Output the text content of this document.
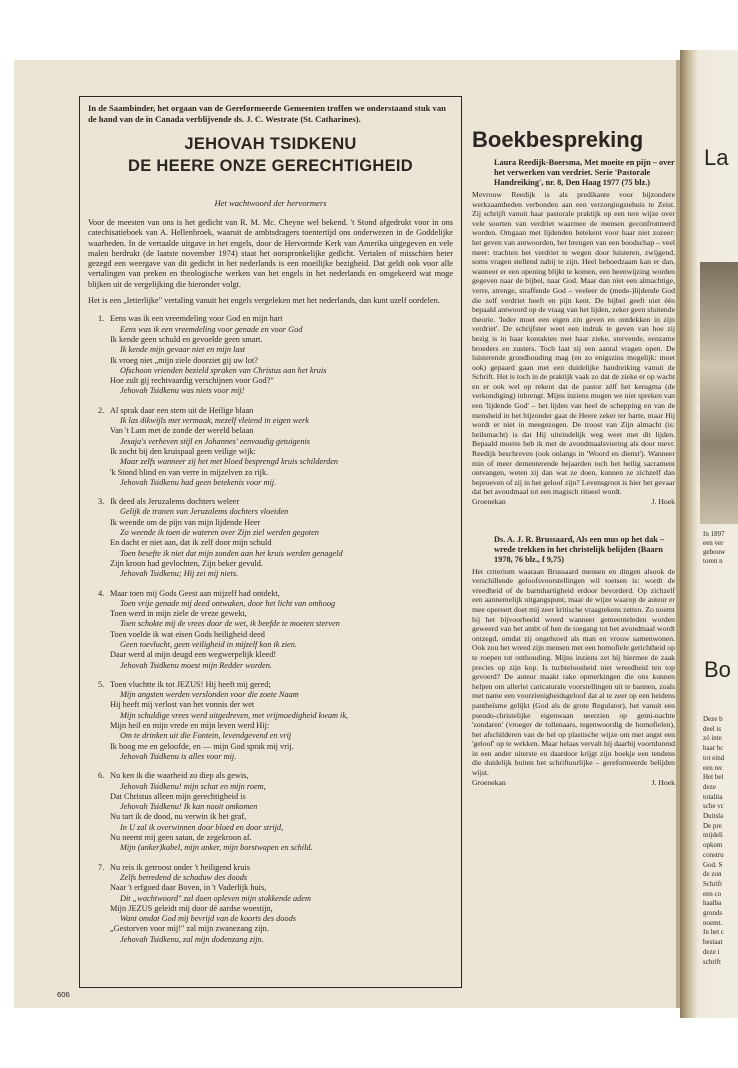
In de Saambinder, het orgaan van de Gereformeerde Gemeenten troffen we onderstaand stuk van de hand van de in Canada verblijvende ds. J. C. Westrate (St. Catharines).

JEHOVAH TSIDKENU
DE HEERE ONZE GERECHTIGHEID
Het wachtwoord der hervormers

Voor de meesten van ons is het gedicht van R. M. Mc. Cheyne wel bekend. 't Stond afgedrukt voor in ons catechisatieboek van A. Hellenbroek, waaruit de ambtsdragers toentertijd ons onderwezen in de Goddelijke waarheden. In de vertaalde uitgave in het engels, door de Hervormde Kerk van Amerika uitgegeven en vele malen herdrukt (de laatste november 1974) staat het oorspronkelijke gedicht. Vertalen of misschien beter gezegd een weergave van dit gedicht in het nederlands is een moeilijke bezigheid. Dat geldt ook voor alle vertalingen van preken en theologische werken van het engels in het nederlands en omgekeerd wat moge blijken uit de vergelijking die hieronder volgt.

Het is een „letterlijke" vertaling vanuit het engels vergeleken met het nederlands, dan kunt uzelf oordelen.

1. Eens was ik een vreemdeling voor God en mijn hart
Eens was ik een vreemdeling voor genade en voor God
Ik kende geen schuld en gevoelde geen smart.
Ik kende mijn gevaar niet en mijn last
Ik vroeg niet „mijn ziele doorziet gij uw lot?
Ofschoon vrienden bezield spraken van Christus aan het kruis
Hoe zult gij rechtvaardig verschijnen voor God?"
Jehovah Tsidkenu was niets voor mij!
2. Al sprak daar een stem uit de Heilige blaan
Ik las dikwijls met vermaak, mezelf vleiend in eigen werk
Van 't Lam met de zonde der wereld belaan
Jesaja's verheven stijl en Johannes' eenvoudig getuigenis
Ik zocht bij den kruispaal geen veilige wijk:
Maar zelfs wanneer zij het met bloed besprengd kruis schilderden
'k Stond blind en van verre in mijzelven zo rijk.
Jehovah Tsidkenu had geen betekenis voor mij.
3. Ik deed als Jeruzalems dochters weleer
Gelijk de tranen van Jeruzalems dochters vloeiden
Ik weende om de pijn van mijn lijdende Heer
Zo weende ik toen de wateren over Zijn ziel werden gegoten
En dacht er niet aan, dat ik zelf door mijn schuld
Toen besefte ik niet dat mijn zonden aan het kruis werden genageld
Zijn kroon had gevlochten, Zijn beker gevuld.
Jehovah Tsidkenu; Hij zei mij niets.
4. Maar toen mij Gods Geest aan mijzelf had ontdekt,
Toen vrije genade mij deed ontwaken, door het licht van omhoog
Toen werd in mijn ziele de vreze gewekt,
Toen schokte mij de vrees door de wet, ik beefde te moeten sterven
Toen voelde ik wat eisen Gods heiligheid deed
Geen toevlucht, geen veiligheid in mijzelf kon ik zien.
Daar werd al mijn deugd een wegwerpelijk kleed!
Jehovah Tsidkenu moest mijn Redder worden.
5. Toen vluchtte ik tot JEZUS! Hij heeft mij gered;
Mijn angsten werden verslonden voor die zoete Naam
Hij heeft mij verlost van het vonnis der wet
Mijn schuldige vrees werd uitgedreven, met vrijmoedigheid kwam ik,
Mijn heil en mijn vrede en mijn leven werd Hij:
Om te drinken uit die Fontein, levendgevend en vrij
Ik boog me en geloofde, en — mijn God sprak mij vrij.
Jehovah Tsidkenu is alles voor mij.
6. Nu ken ik die waarheid zo diep als gewis,
Jehovah Tsidkenu! mijn schat en mijn roem,
Dat Christus alleen mijn gerechtigheid is
Jehovah Tsidkenu! Ik kan nooit omkomen
Nu tart ik de dood, nu verwin ik het graf,
In U zal ik overwinnen door bloed en door strijd,
Nu neemt mij geen satan, de zegekroon af.
Mijn (anker)kabel, mijn anker, mijn borstwapen en schild.
7. Nu reis ik getroost onder 't heiligend kruis
Zelfs betredend de schaduw des doods
Naar 't erfgoed daar Boven, in 't Vaderlijk huis,
Dit „wachtwoord" zal doen opleven mijn stokkende adem
Mijn JEZUS geleidt mij door dé aardse woestijn,
Want omdat God mij bevrijd van de koorts des doods
„Gestorven voor mij!" zal mijn zwanezang zijn.
Jehovah Tsidkenu, zal mijn dodenzang zijn.
606
Boekbespreking

Laura Reedijk-Boersma, Met moeite en pijn – over het verwerken van verdriet. Serie 'Pastorale Handreiking', nr. 8, Den Haag 1977 (75 blz.)

Mevrouw Reedijk is als predikante voor bijzondere werkzaamheden verbonden aan een verzorgingstehuis te Zeist. Zij schrijft vanuit haar pastorale praktijk op een tere wijze over vele soorten van verdriet waarmee de mensen geconfronteerd worden. Omgaan met lijdenden betekent voor haar niet zozeer: het geven van antwoorden, het brengen van een boodschap – veel meer: trachten het verdriet te wegen door luisteren, zwijgend, soms vragen stellend nabij te zijn. Heel behoedzaam kan er dan, wanneer er een opening blijkt te komen, een heenwijzing worden gegeven naar de bijbel, naar God. Maar dan niet een almachtige, verre, strenge, straffende God – veeleer de (mede-)lijdende God die zelf verdriet heeft en pijn kent. De bijbel geeft niet één bepaald antwoord op de vraag van het lijden, zeker geen sluitende theorie. 'Ieder moet een eigen zin geven en ontdekken in zijn verdriet'. De schrijfster weet een indruk te geven van hoe zij bezig is in haar kontakten met haar zieke, stervende, eenzame broeders en zusters. Toch laat zij een aantal vragen open. De luisterende grondhouding mag (en zo enigszins mogelijk: moet ook) gepaard gaan met een duidelijke handreiking vanuit de Schrift. Het is toch in de praktijk vaak zo dat de zieke er op wacht en er ook wel op rekent dat de pastor zélf het kerugma (de verkondiging) inbrengt. Mijns inziens mogen we niet spreken van een 'lijdende God' – het lijden van heel de schepping en van de mensheid in het bijzonder gaat de Heere zeker ter harte, maar Hij wordt er niet in meegezogen. De troost van Zijn almacht (is: heilsmacht) is dat Hij uiteindelijk weg weet met dit lijden. Bepaald moeite heb ik met de avondmaalsviering als door mevr. Reedijk beschreven (ook onlangs in 'Woord en dienst'). Wanneer min of meer dementerende bejaarden toch het heilig sacrament ontvangen, weten zij dan wat ze doen, kunnen ze zichzelf dan beproeven of zij in het geloof zijn? Levensgroot is hier het gevaar dat het avondmaal tot een magisch ritueel wordt.

Groenekan	J. Hoek

Ds. A. J. R. Brussaard, Als een mus op het dak – wrede trekken in het christelijk belijden (Baarn 1978, 76 blz., f 9,75)

Het criterium waaraan Brussaard mensen en dingen alsook de verschillende geloofsvoorstellingen wil toetsen is: wordt de vreedheid of de barmhartigheid erdoor bevorderd. Op zichzelf een aannemelijk uitgangspunt, maar de wijze waarop de auteur er mee opereert doet mij zeer kritische vraagtekens zetten. Zo noemt hij het bijvoorbeeld wreed wanneer gemeenteleden worden geweerd van het ambt of hen de toegang tot het avondmaal wordt ontzegd, omdat zij ongehuwd als man en vrouw samenwonen. Ook zou het wreed zijn mensen met een homofiele gerichtheid op te roepen tot onthouding. Mijns inziens zet hij hiermee de zaak precies op zijn kop. Is tuchteloosheid niet wreedheid ten top gevoerd? De auteur maakt rake opmerkingen die ons kunnen helpen om allerlei caricaturale voorstellingen uit te bannen, zoals met name een voorzienigheidsgeloof dat al te zeer op een heidens pantheïsme gelijkt (God als de grote Regulator), het vanuit een pseudo-christelijke eigenwaan neerzien op gemi-nachte 'zondaren' (vroeger de tollenaars, tegenwoordig de homofielen), het afschilderen van de hel op plastische wijze om met angst een 'geloof' op te wekken. Maar helaas vervalt hij daarbij voortdurend in een ander uiterste en daardoor krijgt zijn boekje een tendens die duidelijk buiten het schriftuurlijke – gereformeerde belijden wijst.

Groenekan	J. Hoek

La
In 1897
een ver
gebouw
toren n
Bo
Deze b
deel is
zó inte
baar bc
tot eind
een rec
Het bel
deze
totalita
sche vc
Duitsla
De pre
mijdeli
opkom
constru
God. S
de zon
Schrift
een co
haalba
gronds
noemt.
In het c
bestaat
deze i
schrift
